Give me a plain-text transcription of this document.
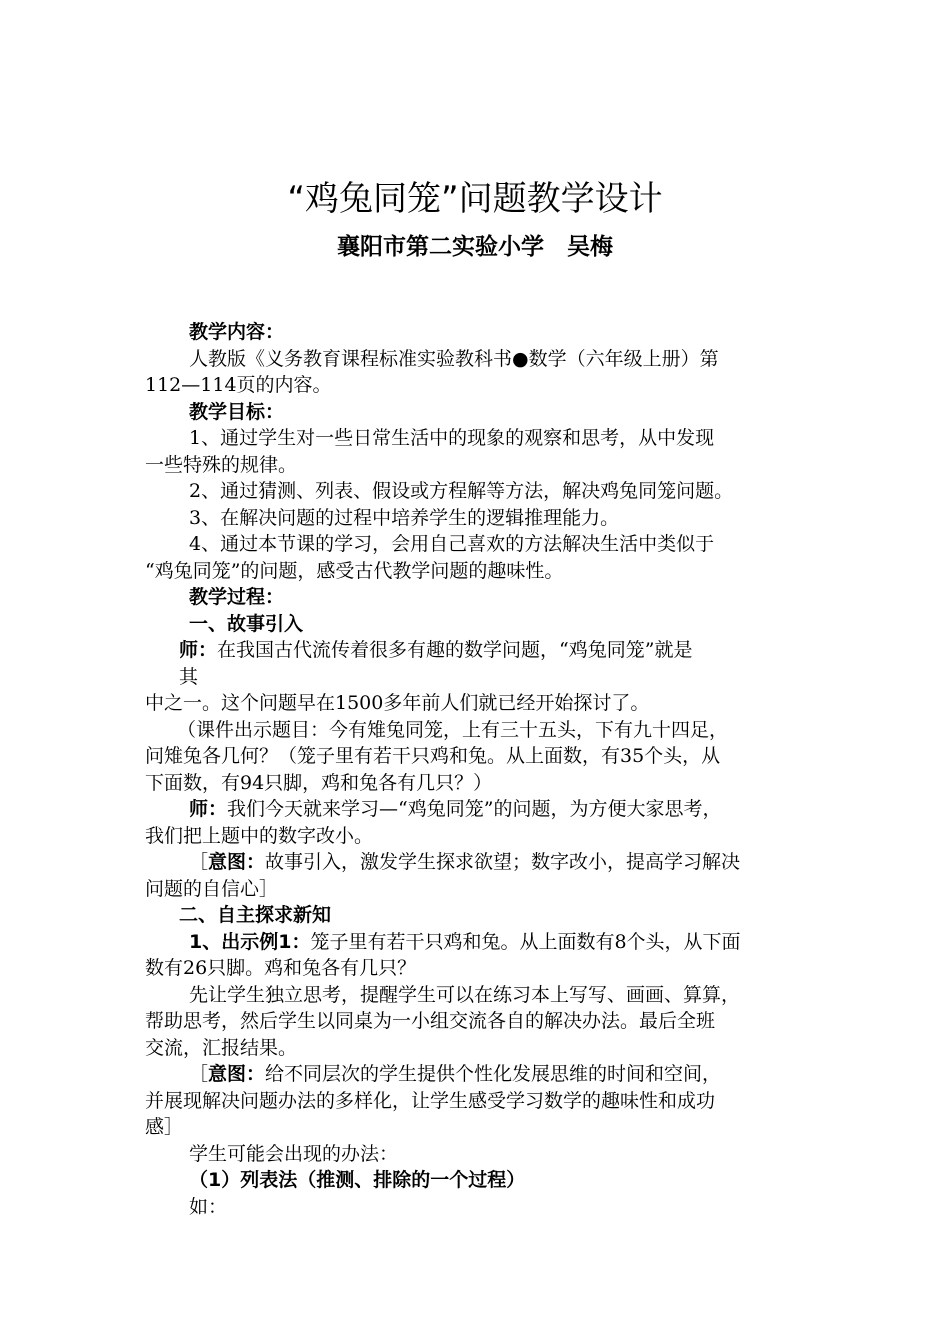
“鸡兔同笼”问题教学设计
襄阳市第二实验小学　吴梅

教学内容：

人教版《义务教育课程标准实验教科书●数学（六年级上册）第

112—114页的内容。

教学目标：

1、通过学生对一些日常生活中的现象的观察和思考，从中发现

一些特殊的规律。

2、通过猜测、列表、假设或方程解等方法，解决鸡兔同笼问题。

3、在解决问题的过程中培养学生的逻辑推理能力。

4、通过本节课的学习，会用自己喜欢的方法解决生活中类似于

“鸡兔同笼”的问题，感受古代教学问题的趣味性。

教学过程：

一、故事引入

师：在我国古代流传着很多有趣的数学问题，“鸡兔同笼”就是

其

中之一。这个问题早在1500多年前人们就已经开始探讨了。

（课件出示题目：今有雉兔同笼，上有三十五头，下有九十四足，

问雉兔各几何？（笼子里有若干只鸡和兔。从上面数，有35个头，从

下面数，有94只脚，鸡和兔各有几只？）

师：我们今天就来学习—“鸡兔同笼”的问题，为方便大家思考，

我们把上题中的数字改小。

［意图：故事引入，激发学生探求欲望；数字改小，提高学习解决

问题的自信心］

二、自主探求新知

1、出示例1：笼子里有若干只鸡和兔。从上面数有8个头，从下面

数有26只脚。鸡和兔各有几只？

先让学生独立思考，提醒学生可以在练习本上写写、画画、算算，

帮助思考，然后学生以同桌为一小组交流各自的解决办法。最后全班

交流，汇报结果。

［意图：给不同层次的学生提供个性化发展思维的时间和空间，

并展现解决问题办法的多样化，让学生感受学习数学的趣味性和成功

感］

学生可能会出现的办法：

（1）列表法（推测、排除的一个过程）

如：
